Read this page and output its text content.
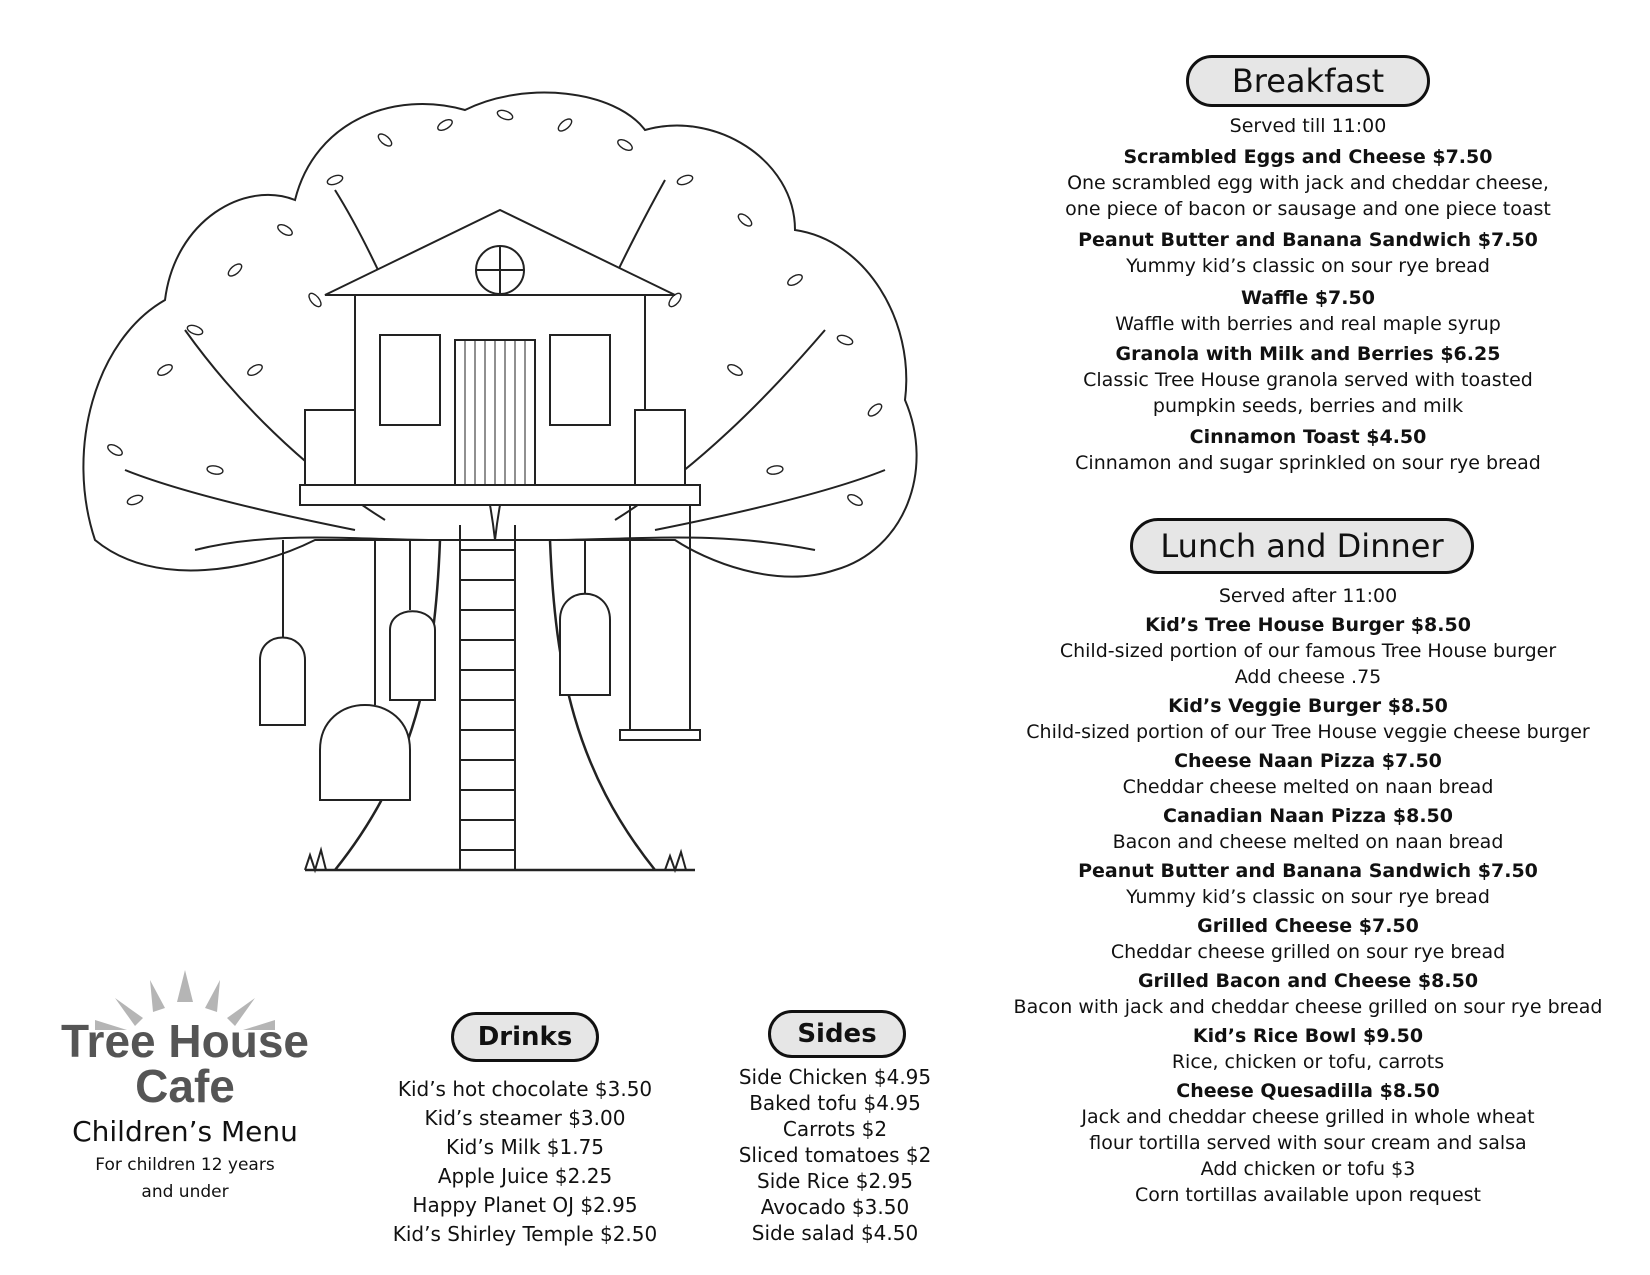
Tree House
Cafe
Children’s Menu
For children 12 years
and under
Drinks
Kid’s hot chocolate $3.50
Kid’s steamer $3.00
Kid’s Milk $1.75
Apple Juice $2.25
Happy Planet OJ $2.95
Kid’s Shirley Temple $2.50
Sides
Side Chicken $4.95
Baked tofu $4.95
Carrots $2
Sliced tomatoes $2
Side Rice $2.95
Avocado $3.50
Side salad $4.50
Breakfast
Served till 11:00
Scrambled Eggs and Cheese $7.50
One scrambled egg with jack and cheddar cheese,
one piece of bacon or sausage and one piece toast
Peanut Butter and Banana Sandwich $7.50
Yummy kid’s classic on sour rye bread
Waffle $7.50
Waffle with berries and real maple syrup
Granola with Milk and Berries $6.25
Classic Tree House granola served with toasted
pumpkin seeds, berries and milk
Cinnamon Toast $4.50
Cinnamon and sugar sprinkled on sour rye bread
Lunch and Dinner
Served after 11:00
Kid’s Tree House Burger $8.50
Child-sized portion of our famous Tree House burger
Add cheese .75
Kid’s Veggie Burger $8.50
Child-sized portion of our Tree House veggie cheese burger
Cheese Naan Pizza $7.50
Cheddar cheese melted on naan bread
Canadian Naan Pizza $8.50
Bacon and cheese melted on naan bread
Peanut Butter and Banana Sandwich $7.50
Yummy kid’s classic on sour rye bread
Grilled Cheese $7.50
Cheddar cheese grilled on sour rye bread
Grilled Bacon and Cheese $8.50
Bacon with jack and cheddar cheese grilled on sour rye bread
Kid’s Rice Bowl $9.50
Rice, chicken or tofu, carrots
Cheese Quesadilla $8.50
Jack and cheddar cheese grilled in whole wheat
flour tortilla served with sour cream and salsa
Add chicken or tofu $3
Corn tortillas available upon request
